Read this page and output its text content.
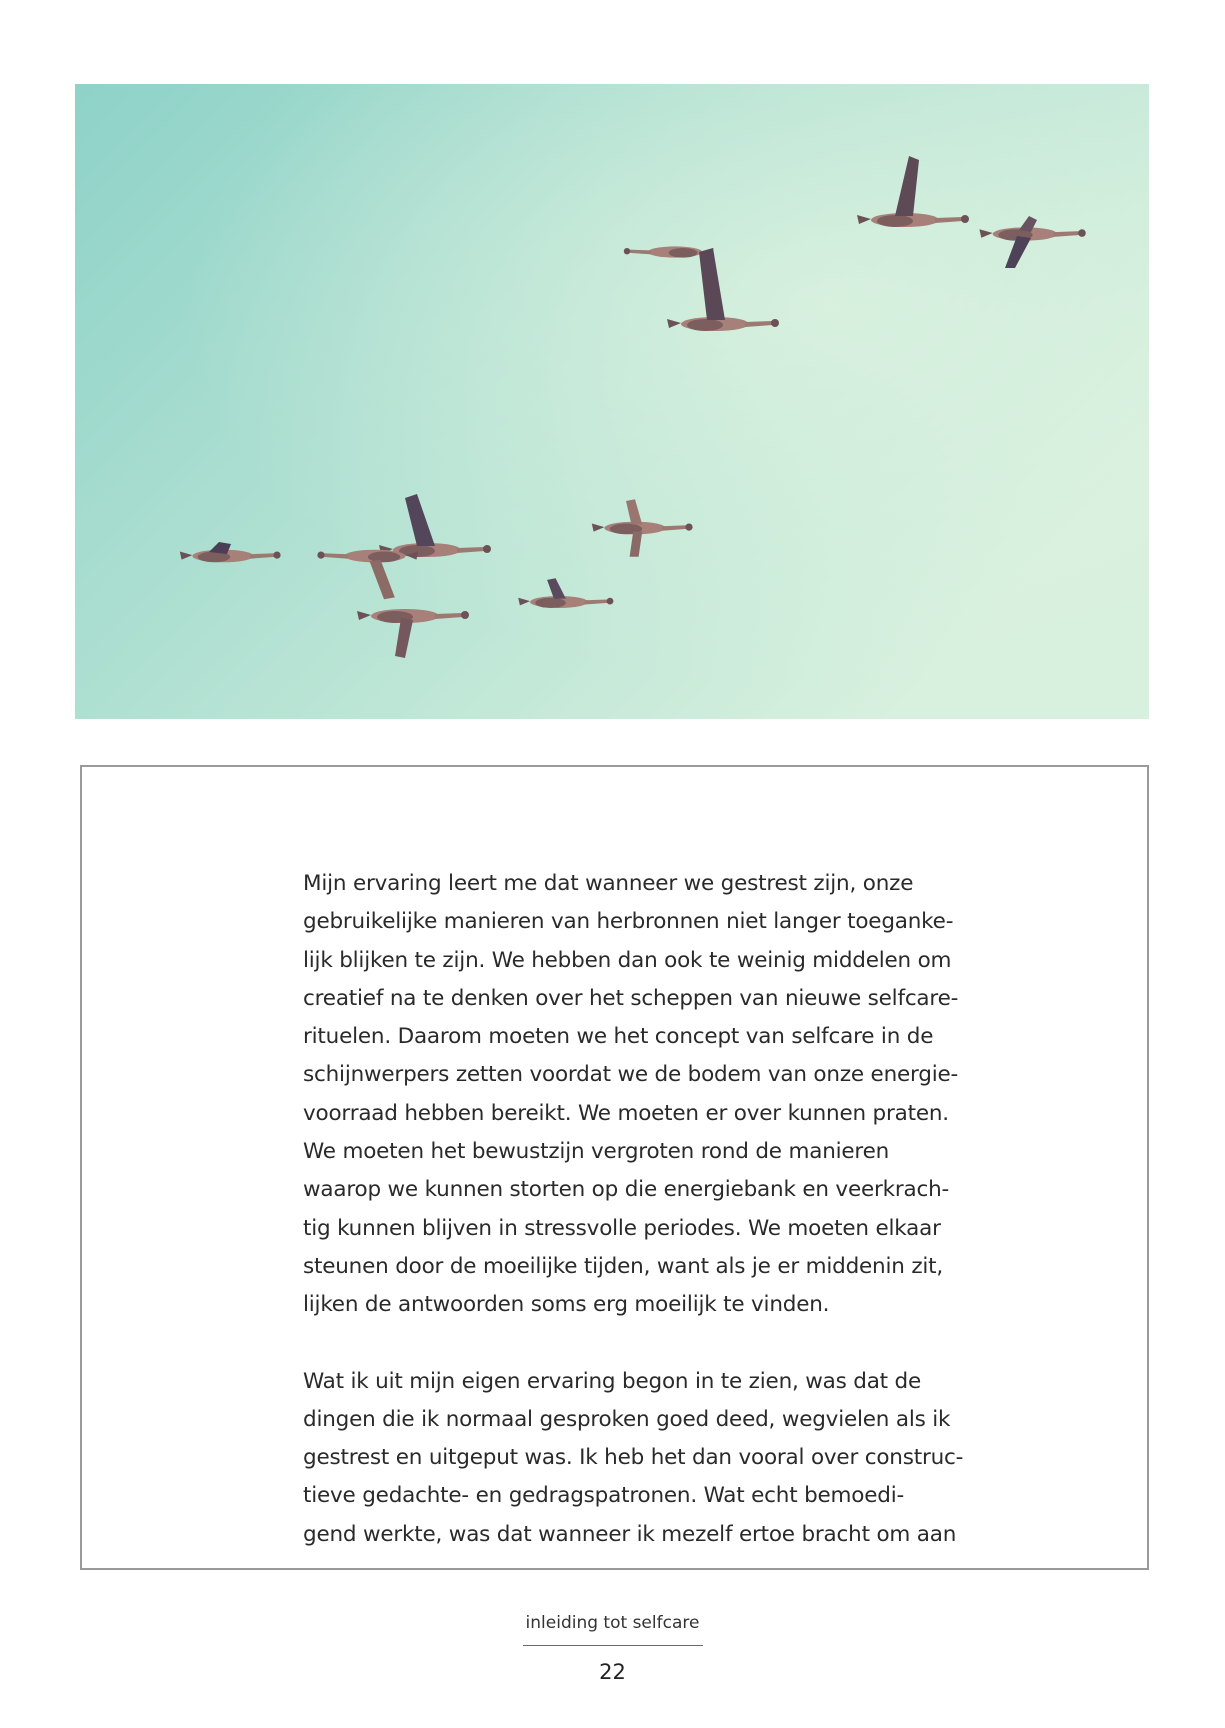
Mijn ervaring leert me dat wanneer we gestrest zijn, onze
gebruikelijke manieren van herbronnen niet langer toeganke-
lijk blijken te zijn. We hebben dan ook te weinig middelen om
creatief na te denken over het scheppen van nieuwe selfcare-
rituelen. Daarom moeten we het concept van selfcare in de
schijnwerpers zetten voordat we de bodem van onze energie-
voorraad hebben bereikt. We moeten er over kunnen praten.
We moeten het bewustzijn vergroten rond de manieren
waarop we kunnen storten op die energiebank en veerkrach-
tig kunnen blijven in stressvolle periodes. We moeten elkaar
steunen door de moeilijke tijden, want als je er middenin zit,
lijken de antwoorden soms erg moeilijk te vinden.
Wat ik uit mijn eigen ervaring begon in te zien, was dat de
dingen die ik normaal gesproken goed deed, wegvielen als ik
gestrest en uitgeput was. Ik heb het dan vooral over construc-
tieve gedachte- en gedragspatronen. Wat echt bemoedi-
gend werkte, was dat wanneer ik mezelf ertoe bracht om aan
inleiding tot selfcare
22
